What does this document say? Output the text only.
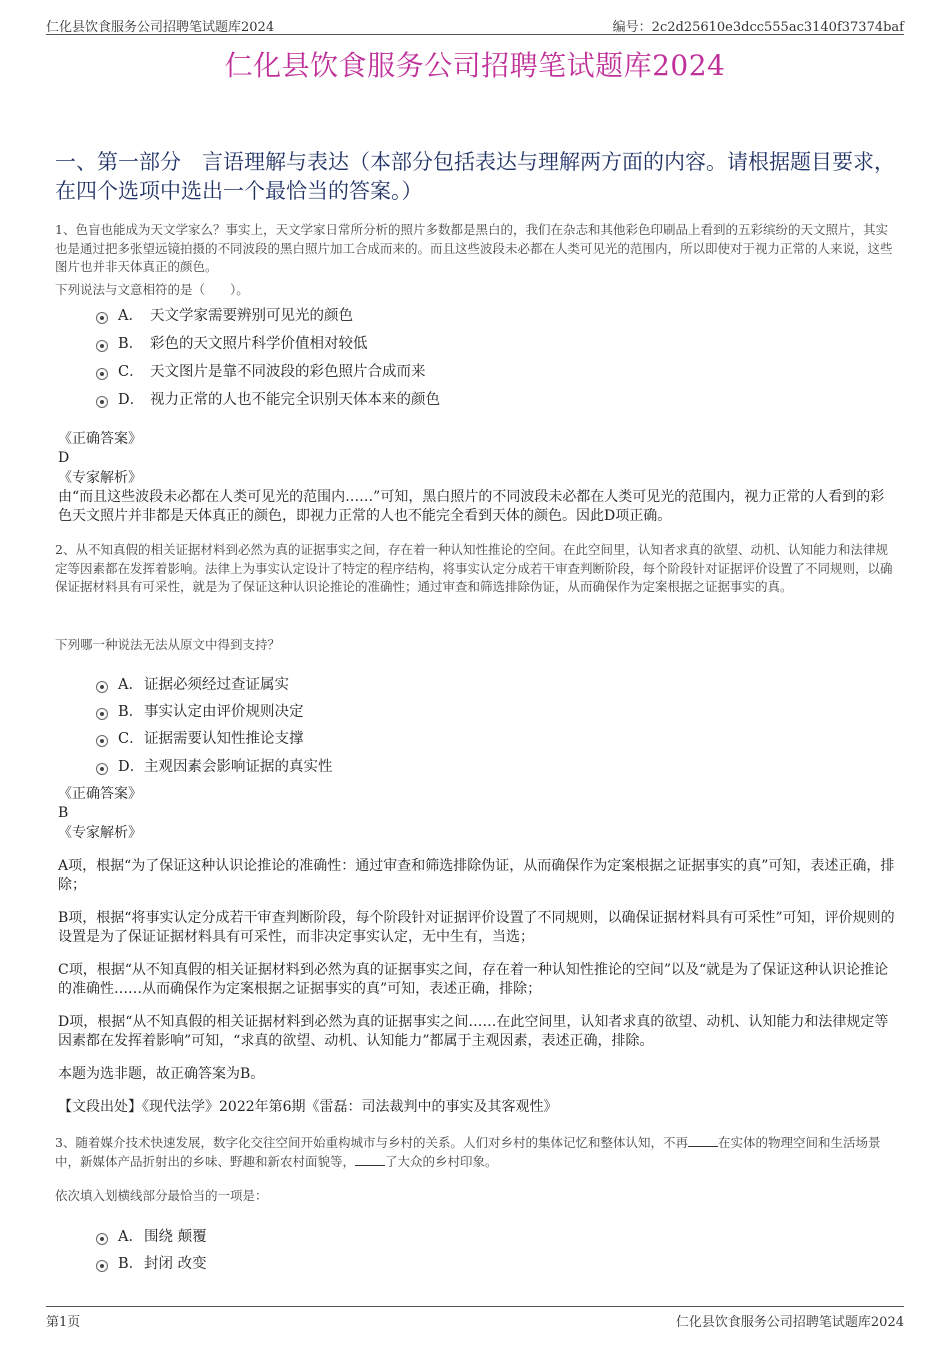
仁化县饮食服务公司招聘笔试题库2024	编号：2c2d25610e3dcc555ac3140f37374baf
仁化县饮食服务公司招聘笔试题库2024
一、第一部分　言语理解与表达（本部分包括表达与理解两方面的内容。请根据题目要求，在四个选项中选出一个最恰当的答案。）
1、色盲也能成为天文学家么？事实上，天文学家日常所分析的照片多数都是黑白的，我们在杂志和其他彩色印刷品上看到的五彩缤纷的天文照片，其实也是通过把多张望远镜拍摄的不同波段的黑白照片加工合成而来的。而且这些波段未必都在人类可见光的范围内，所以即使对于视力正常的人来说，这些图片也并非天体真正的颜色。
下列说法与文意相符的是（　　）。
A． 天文学家需要辨别可见光的颜色
B． 彩色的天文照片科学价值相对较低
C． 天文图片是靠不同波段的彩色照片合成而来
D． 视力正常的人也不能完全识别天体本来的颜色
《正确答案》
D
《专家解析》
由“而且这些波段未必都在人类可见光的范围内……”可知，黑白照片的不同波段未必都在人类可见光的范围内，视力正常的人看到的彩色天文照片并非都是天体真正的颜色，即视力正常的人也不能完全看到天体的颜色。因此D项正确。
2、从不知真假的相关证据材料到必然为真的证据事实之间，存在着一种认知性推论的空间。在此空间里，认知者求真的欲望、动机、认知能力和法律规定等因素都在发挥着影响。法律上为事实认定设计了特定的程序结构，将事实认定分成若干审查判断阶段，每个阶段针对证据评价设置了不同规则，以确保证据材料具有可采性，就是为了保证这种认识论推论的准确性；通过审查和筛选排除伪证，从而确保作为定案根据之证据事实的真。
下列哪一种说法无法从原文中得到支持？
A．证据必须经过查证属实
B．事实认定由评价规则决定
C．证据需要认知性推论支撑
D．主观因素会影响证据的真实性
《正确答案》
B
《专家解析》
A项，根据“为了保证这种认识论推论的准确性：通过审查和筛选排除伪证，从而确保作为定案根据之证据事实的真”可知，表述正确，排除；
B项，根据“将事实认定分成若干审查判断阶段，每个阶段针对证据评价设置了不同规则，以确保证据材料具有可采性”可知，评价规则的设置是为了保证证据材料具有可采性，而非决定事实认定，无中生有，当选；
C项，根据“从不知真假的相关证据材料到必然为真的证据事实之间，存在着一种认知性推论的空间”以及“就是为了保证这种认识论推论的准确性……从而确保作为定案根据之证据事实的真”可知，表述正确，排除；
D项，根据“从不知真假的相关证据材料到必然为真的证据事实之间……在此空间里，认知者求真的欲望、动机、认知能力和法律规定等因素都在发挥着影响”可知，“求真的欲望、动机、认知能力”都属于主观因素，表述正确，排除。
本题为选非题，故正确答案为B。
【文段出处】《现代法学》2022年第6期《雷磊：司法裁判中的事实及其客观性》
3、随着媒介技术快速发展，数字化交往空间开始重构城市与乡村的关系。人们对乡村的集体记忆和整体认知，不再 在实体的物理空间和生活场景中，新媒体产品折射出的乡味、野趣和新农村面貌等， 了大众的乡村印象。
依次填入划横线部分最恰当的一项是：
A．围绕 颠覆
B．封闭 改变
第1页	仁化县饮食服务公司招聘笔试题库2024
